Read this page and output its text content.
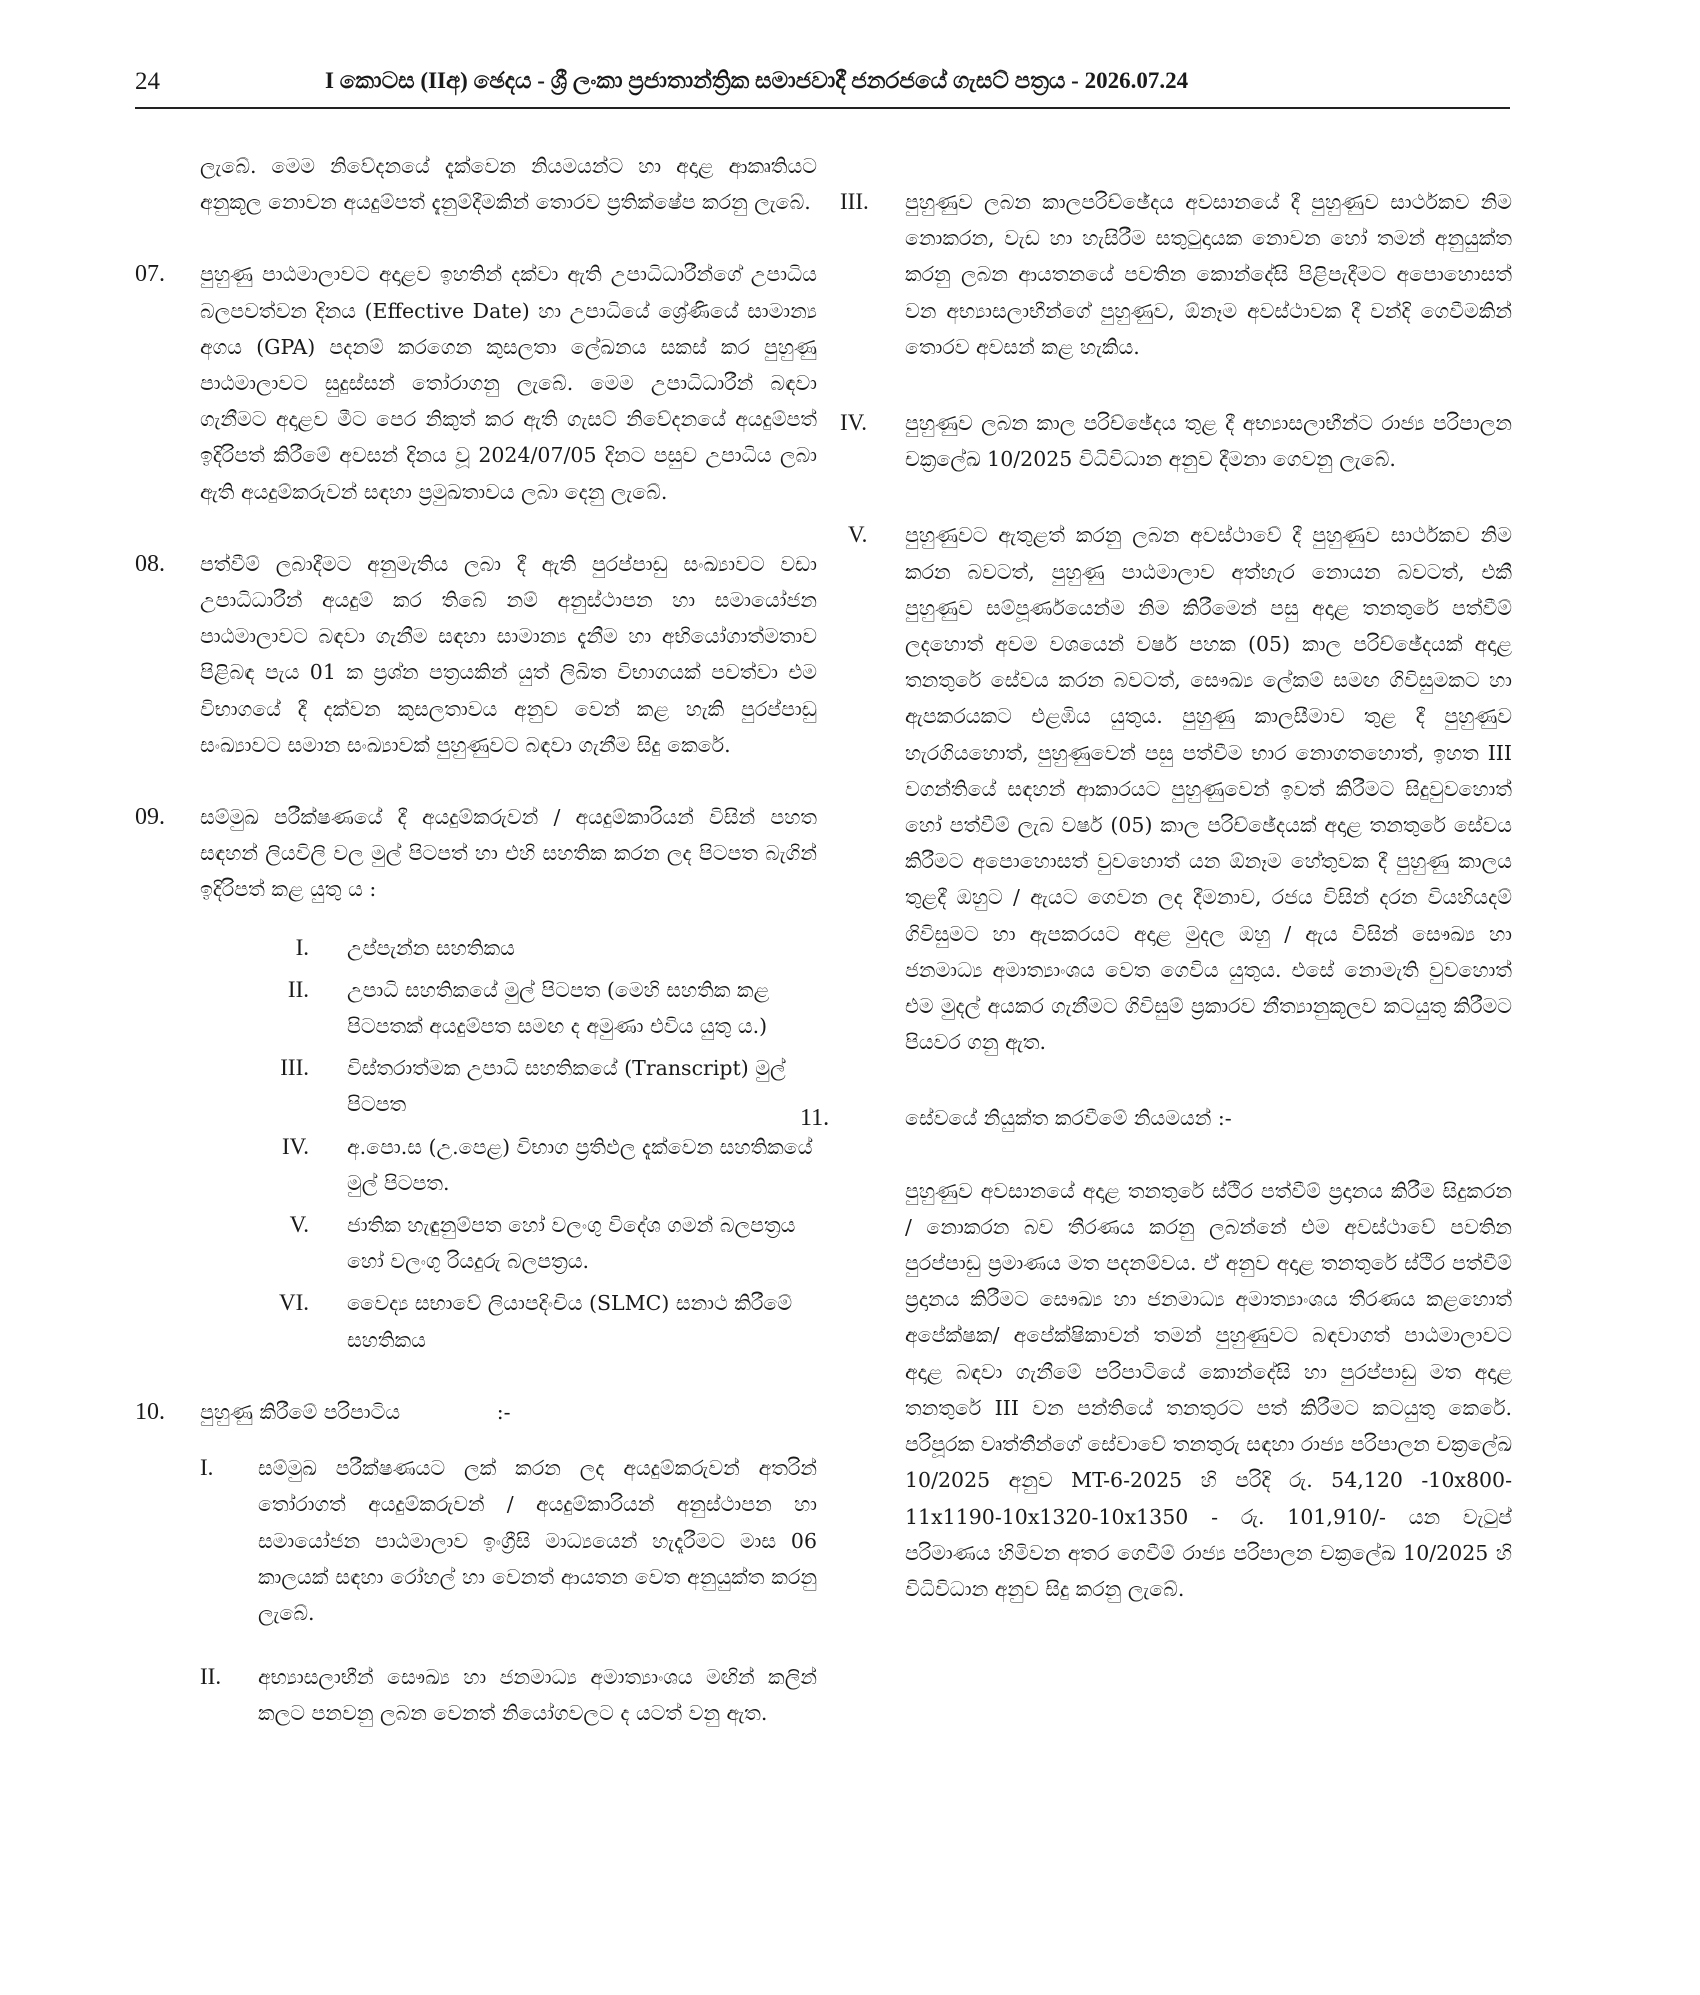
24	I කොටස (IIඅ) ඡෙදය - ශ්‍රී ලංකා ප්‍රජාතාන්ත්‍රික සමාජවාදී ජනරජයේ ගැසට් පත්‍රය - 2026.07.24
ලැබේ. මෙම නිවේදනයේ දැක්වෙන නියමයන්ට හා අදාළ ආකෘතියට අනුකූල නොවන අයදුම්පත් දැනුම්දීමකින් තොරව ප්‍රතික්ෂේප කරනු ලැබේ.
07. පුහුණු පාඨමාලාවට අදාළව ඉහතින් දක්වා ඇති උපාධිධාරීන්ගේ උපාධිය බලපවත්වන දිනය (Effective Date) හා උපාධියේ ශ්‍රේණියේ සාමාන්‍ය අගය (GPA) පදනම් කරගෙන කුසලතා ලේඛනය සකස් කර පුහුණු පාඨමාලාවට සුදුස්සන් තෝරාගනු ලැබේ. මෙම උපාධිධාරීන් බඳවා ගැනීමට අදාළව මීට පෙර නිකුත් කර ඇති ගැසට් නිවේදනයේ අයදුම්පත් ඉදිරිපත් කිරීමේ අවසන් දිනය වූ 2024/07/05 දිනට පසුව උපාධිය ලබා ඇති අයදුම්කරුවන් සඳහා ප්‍රමුඛතාවය ලබා දෙනු ලැබේ.
08. පත්වීම් ලබාදීමට අනුමැතිය ලබා දී ඇති පුරප්පාඩු සංඛ්‍යාවට වඩා උපාධිධාරීන් අයදුම් කර තිබේ නම් අනුස්ථාපන හා සමායෝජන පාඨමාලාවට බඳවා ගැනීම සඳහා සාමාන්‍ය දැනීම හා අභියෝගාත්මතාව පිළිබඳ පැය 01 ක ප්‍රශ්න පත්‍රයකින් යුත් ලිඛිත විභාගයක් පවත්වා එම විභාගයේ දී දක්වන කුසලතාවය අනුව වෙන් කළ හැකි පුරප්පාඩු සංඛ්‍යාවට සමාන සංඛ්‍යාවක් පුහුණුවට බඳවා ගැනීම සිදු කෙරේ.
09. සම්මුඛ පරීක්ෂණයේ දී අයදුම්කරුවන් / අයදුම්කාරියන් විසින් පහත සඳහන් ලියවිලි වල මුල් පිටපත් හා එහි සහතික කරන ලද පිටපත බැගින් ඉදිරිපත් කළ යුතු ය :
I. උප්පැන්න සහතිකය
II. උපාධි සහතිකයේ මුල් පිටපත (මෙහි සහතික කළ පිටපතක් අයදුම්පත සමඟ ද අමුණා එවිය යුතු ය.)
III. විස්තරාත්මක උපාධි සහතිකයේ (Transcript) මුල් පිටපත
IV. අ.පො.ස (උ.පෙළ) විභාග ප්‍රතිඵල දැක්වෙන සහතිකයේ මුල් පිටපත.
V. ජාතික හැඳුනුම්පත හෝ වලංගු විදේශ ගමන් බලපත්‍රය හෝ වලංගු රියදුරු බලපත්‍රය.
VI. වෛද්‍ය සභාවේ ලියාපදිංචිය (SLMC) සනාථ කිරීමේ සහතිකය
10. පුහුණු කිරීමේ පරිපාටිය	:-
I.	සම්මුඛ පරීක්ෂණයට ලක් කරන ලද අයදුම්කරුවන් අතරින් තෝරාගත් අයදුම්කරුවන් / අයදුම්කාරියන් අනුස්ථාපන හා සමායෝජන පාඨමාලාව ඉංග්‍රීසි මාධ්‍යයෙන් හැදෑරීමට මාස 06 කාලයක් සඳහා රෝහල් හා වෙනත් ආයතන වෙත අනුයුක්ත කරනු ලැබේ.
II.	අභ්‍යාසලාභීන් සෞඛ්‍ය හා ජනමාධ්‍ය අමාත්‍යාංශය මඟින් කලින් කලට පනවනු ලබන වෙනත් නියෝගවලට ද යටත් වනු ඇත.
III. පුහුණුව ලබන කාලපරිච්ඡේදය අවසානයේ දී පුහුණුව සාර්ථකව නිම නොකරන, වැඩ හා හැසිරීම සතුටුදායක නොවන හෝ තමන් අනුයුක්ත කරනු ලබන ආයතනයේ පවතින කොන්දේසි පිළිපැදීමට අපොහොසත් වන අභ්‍යාසලාභීන්ගේ පුහුණුව, ඕනෑම අවස්ථාවක දී වන්දි ගෙවීමකින් තොරව අවසන් කළ හැකිය.
IV. පුහුණුව ලබන කාල පරිච්ඡේදය තුළ දී අභ්‍යාසලාභීන්ට රාජ්‍ය පරිපාලන චක්‍රලේඛ 10/2025 විධිවිධාන අනුව දීමනා ගෙවනු ලැබේ.
V. පුහුණුවට ඇතුළත් කරනු ලබන අවස්ථාවේ දී පුහුණුව සාර්ථකව නිම කරන බවටත්, පුහුණු පාඨමාලාව අත්හැර නොයන බවටත්, එකී පුහුණුව සම්පූර්ණයෙන්ම නිම කිරීමෙන් පසු අදාළ තනතුරේ පත්වීම් ලදහොත් අවම වශයෙන් වර්ෂ පහක (05) කාල පරිච්ඡේදයක් අදාළ තනතුරේ සේවය කරන බවටත්, සෞඛ්‍ය ලේකම් සමඟ ගිවිසුමකට හා ඇපකරයකට එළඹිය යුතුය. පුහුණු කාලසීමාව තුළ දී පුහුණුව හැරගියහොත්, පුහුණුවෙන් පසු පත්වීම භාර නොගතහොත්, ඉහත III වගන්තියේ සඳහන් ආකාරයට පුහුණුවෙන් ඉවත් කිරීමට සිදුවුවහොත් හෝ පත්වීම් ලැබ වර්ෂ (05) කාල පරිච්ඡේදයක් අදාළ තනතුරේ සේවය කිරීමට අපොහොසත් වුවහොත් යන ඕනෑම හේතුවක දී පුහුණු කාලය තුළදී ඔහුට / ඇයට ගෙවන ලද දීමනාව, රජය විසින් දරන වියහියදම් ගිවිසුමට හා ඇපකරයට අදාළ මුදල ඔහු / ඇය විසින් සෞඛ්‍ය හා ජනමාධ්‍ය අමාත්‍යාංශය වෙත ගෙවිය යුතුය. එසේ නොමැති වුවහොත් එම මුදල් අයකර ගැනීමට ගිවිසුම් ප්‍රකාරව නීත්‍යානුකූලව කටයුතු කිරීමට පියවර ගනු ඇත.
11.	සේවයේ නියුක්ත කරවීමේ නියමයන් :-
පුහුණුව අවසානයේ අදාළ තනතුරේ ස්ථිර පත්වීම් ප්‍රදානය කිරීම සිදුකරන / නොකරන බව තීරණය කරනු ලබන්නේ එම අවස්ථාවේ පවතින පුරප්පාඩු ප්‍රමාණය මත පදනම්වය. ඒ අනුව අදාළ තනතුරේ ස්ථිර පත්වීම් ප්‍රදානය කිරීමට සෞඛ්‍ය හා ජනමාධ්‍ය අමාත්‍යාංශය තීරණය කළහොත් අපේක්ෂක/ අපේක්ෂිකාවන් තමන් පුහුණුවට බඳවාගත් පාඨමාලාවට අදාළ බඳවා ගැනීමේ පරිපාටියේ කොන්දේසි හා පුරප්පාඩු මත අදාළ තනතුරේ III වන පන්තියේ තනතුරට පත් කිරීමට කටයුතු කෙරේ. පරිපූරක වෘත්තීන්ගේ සේවාවේ තනතුරු සඳහා රාජ්‍ය පරිපාලන චක්‍රලේඛ 10/2025 අනුව MT-6-2025 හි පරිදි රු. 54,120 -10x800-11x1190-10x1320-10x1350 - රු. 101,910/- යන වැටුප් පරිමාණය හිමිවන අතර ගෙවීම් රාජ්‍ය පරිපාලන චක්‍රලේඛ 10/2025 හි විධිවිධාන අනුව සිදු කරනු ලැබේ.
